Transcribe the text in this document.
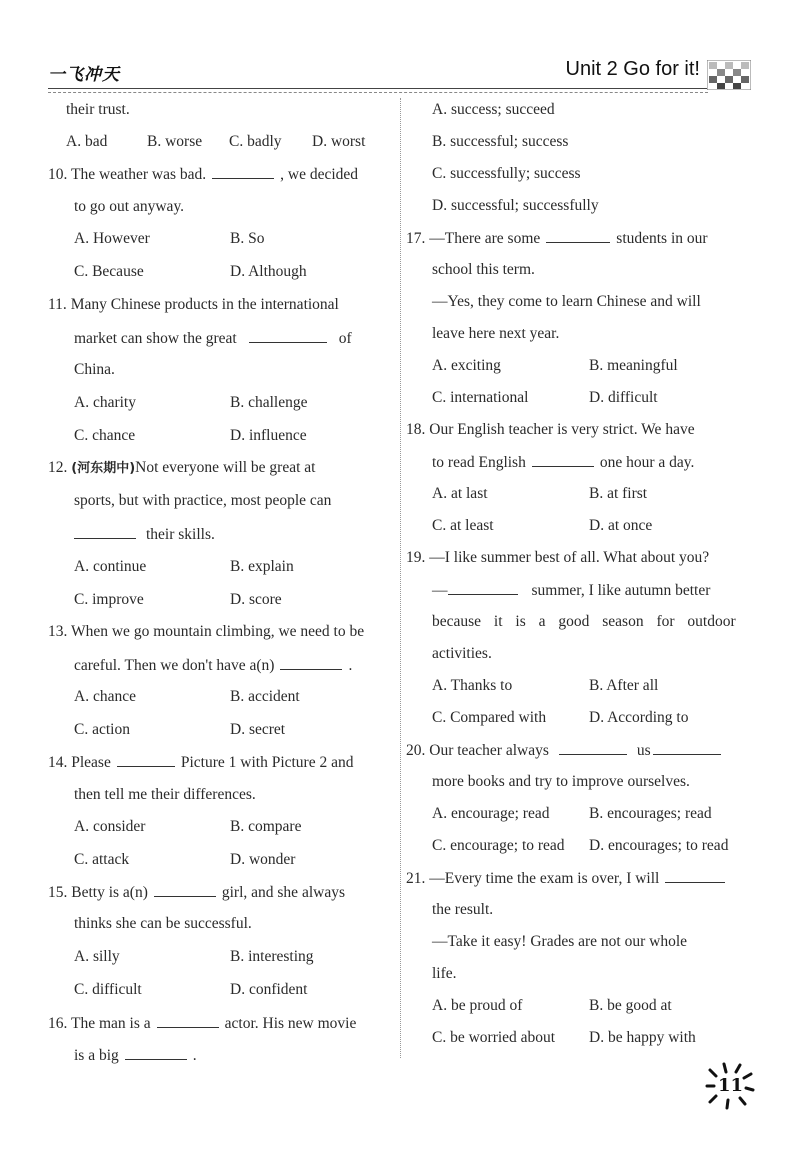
一飞冲天	Unit 2 Go for it!
their trust.
A. bad	B. worse C. badly D. worst
10. The weather was bad.	, we decided
to go out anyway.
A. However	B. So
C. Because	D. Although
11. Many Chinese products in the international
market can show the great	of
China.
A. charity	B. challenge
C. chance	D. influence
12. (河东期中)Not everyone will be great at
sports, but with practice, most people can
their skills.
A. continue	B. explain
C. improve	D. score
13. When we go mountain climbing, we need to be
careful. Then we don't have a(n)	.
A. chance	B. accident
C. action	D. secret
14. Please	Picture 1 with Picture 2 and
then tell me their differences.
A. consider	B. compare
C. attack	D. wonder
15. Betty is a(n)	girl, and she always
thinks she can be successful.
A. silly	B. interesting
C. difficult	D. confident
16. The man is a	actor. His new movie
is a big	.
A. success; succeed
B. successful; success
C. successfully; success
D. successful; successfully
17. —There are some	students in our
school this term.
—Yes, they come to learn Chinese and will
leave here next year.
A. exciting	B. meaningful
C. international	D. difficult
18. Our English teacher is very strict. We have
to read English	one hour a day.
A. at last	B. at first
C. at least	D. at once
19. —I like summer best of all. What about you?
—	summer, I like autumn better
because it is a good season for outdoor
activities.
A. Thanks to	B. After all
C. Compared with	D. According to
20. Our teacher always	us
more books and try to improve ourselves.
A. encourage; read	B. encourages; read
C. encourage; to read D. encourages; to read
21. —Every time the exam is over, I will
the result.
—Take it easy! Grades are not our whole
life.
A. be proud of	B. be good at
C. be worried about D. be happy with
11
